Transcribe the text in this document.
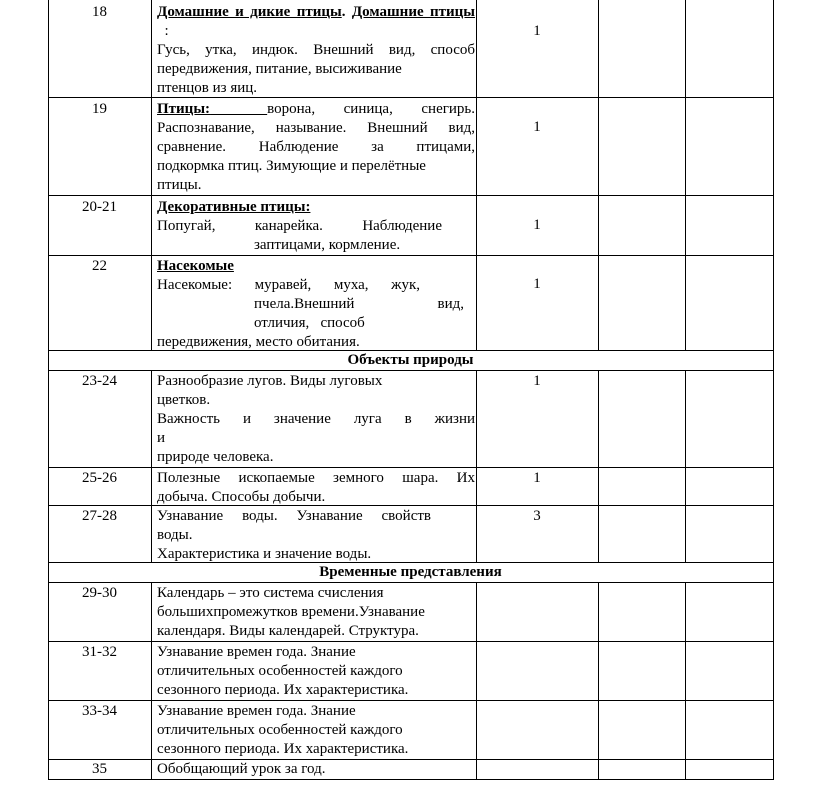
18	Домашние и дикие птицы. Домашние птицы
:
Гусь, утка, индюк. Внешний вид, способ
передвижения, питание, высиживание
птенцов из яиц.
1
19	Птицы:	ворона,   синица,   снегирь.
Распознавание, называние. Внешний вид,
сравнение. Наблюдение за птицами,
подкормка птиц. Зимующие и перелётные
птицы.
1
20-21	Декоративные птицы:
Попугай,    канарейка.    Наблюдение
заптицами, кормление.
1
22	Насекомые
Насекомые:   муравей,   муха,   жук,
пчела.Внешний          вид,
отличия,   способ
передвижения, место обитания.
1
Объекты природы
23-24	Разнообразие лугов. Виды луговых
цветков.
Важность и значение луга в жизни
и
природе человека.
1
25-26	Полезные ископаемые земного шара. Их
добыча. Способы добычи.
1
27-28	Узнавание воды. Узнавание свойств
воды.
Характеристика и значение воды.
3
Временные представления
29-30	Календарь – это система счисления
большихпромежутков времени.Узнавание
календаря. Виды календарей. Структура.
31-32	Узнавание времен года. Знание
отличительных особенностей каждого
сезонного периода. Их характеристика.
33-34	Узнавание времен года. Знание
отличительных особенностей каждого
сезонного периода. Их характеристика.
35	Обобщающий урок за год.
